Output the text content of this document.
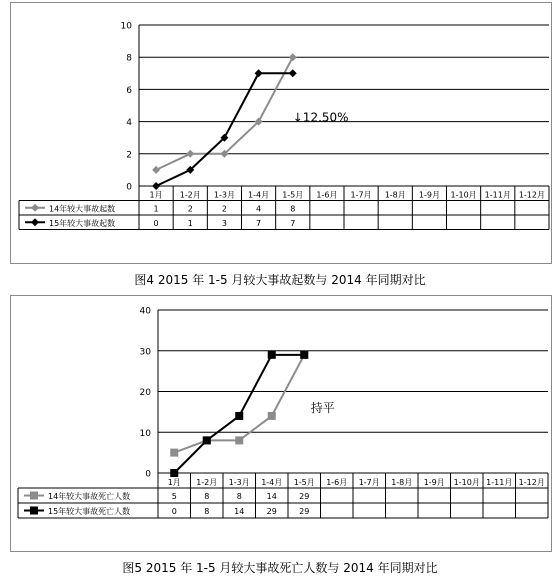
0
2
4
6
8
10
1月 1-2月 1-3月 1-4月 1-5月 1-6月 1-7月 1-8月 1-9月 1-10月 1-11月 1-12月
14年较大事故起数	1	2	2	4	8
15年较大事故起数	0	1	3	7	7
↓12.50%
图4 2015 年 1-5 月较大事故起数与 2014 年同期对比
0
10
20
30
40
1月 1-2月 1-3月 1-4月 1-5月 1-6月 1-7月 1-8月 1-9月 1-10月 1-11月 1-12月
14年较大事故死亡人数	5	8	8	14	29
15年较大事故死亡人数	0	8	14	29	29
持平
图5 2015 年 1-5 月较大事故死亡人数与 2014 年同期对比
